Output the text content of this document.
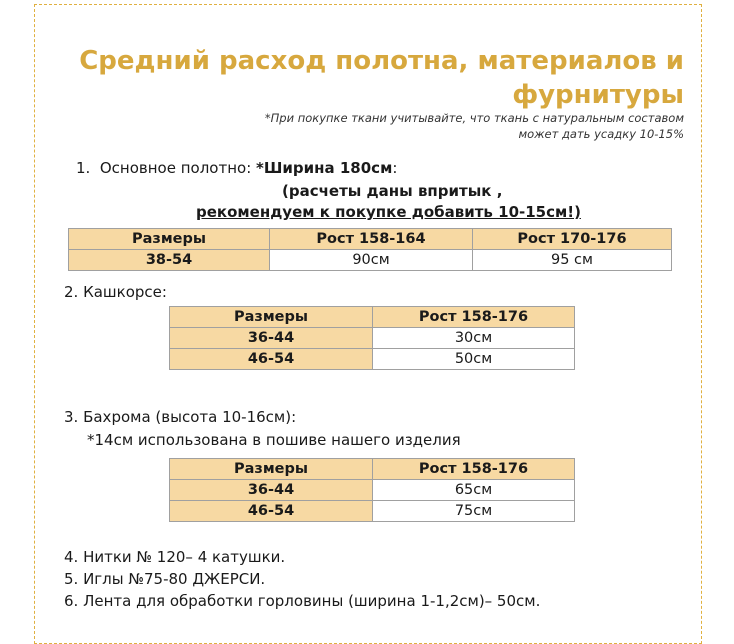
Средний расход полотна, материалов и
фурнитуры

*При покупке ткани учитывайте, что ткань с натуральным составом
может дать усадку 10-15%

1. Основное полотно: *Ширина 180см:
(расчеты даны впритык ,
рекомендуем к покупке добавить 10-15см!)
Размеры	Рост 158-164	Рост 170-176
38-54	90см	95 см
2. Кашкорсе:
Размеры	Рост 158-176
36-44	30см
46-54	50см
3. Бахрома (высота 10-16см):
*14см использована в пошиве нашего изделия
Размеры	Рост 158-176
36-44	65см
46-54	75см
4. Нитки № 120– 4 катушки.
5. Иглы №75-80 ДЖЕРСИ.
6. Лента для обработки горловины (ширина 1-1,2см)– 50см.
